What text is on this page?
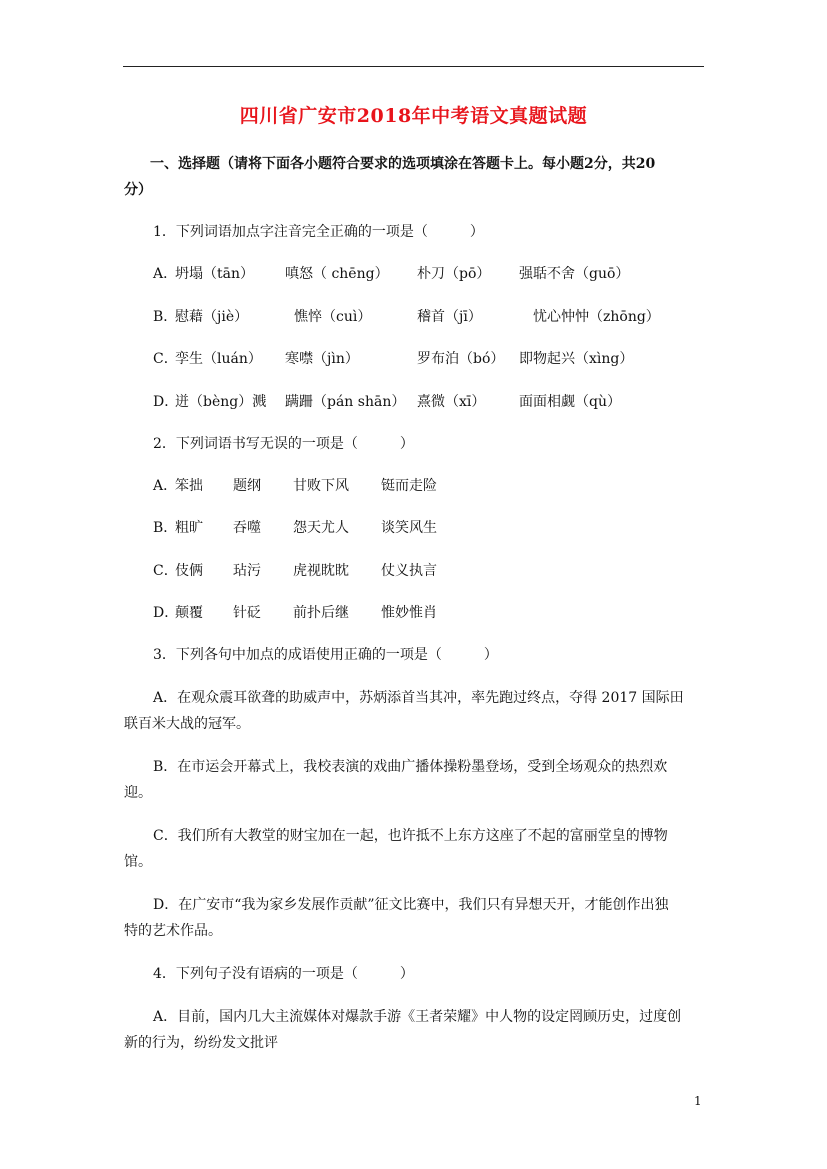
四川省广安市2018年中考语文真题试题
一、选择题（请将下面各小题符合要求的选项填涂在答题卡上。每小题2分，共20
分）
1．下列词语加点字注音完全正确的一项是（　　　）
A．
坍塌（tān） 嗔怒（ chēng） 朴刀（pō） 强聒不舍（guō）
B．
慰藉（jiè）	憔悴（cuì）	稽首（jī）	忧心忡忡（zhōng）
C．
孪生（luán） 寒噤（jìn）	罗布泊（bó） 即物起兴（xìng）
D．
迸（bèng）溅 蹒跚（pán shān） 熹微（xī） 面面相觑（qù）
2．下列词语书写无误的一项是（　　　）
A．
笨拙 题纲 甘败下风 铤而走险
B．
粗旷 吞噬 怨天尤人 谈笑风生
C．
伎俩 玷污 虎视眈眈 仗义执言
D．
颠覆 针砭 前扑后继 惟妙惟肖
3．下列各句中加点的成语使用正确的一项是（　　　）
A．在观众震耳欲聋的助威声中，苏炳添首当其冲，率先跑过终点，夺得 2017 国际田
联百米大战的冠军。
B．在市运会开幕式上，我校表演的戏曲广播体操粉墨登场，受到全场观众的热烈欢
迎。
C．我们所有大教堂的财宝加在一起，也许抵不上东方这座了不起的富丽堂皇的博物
馆。
D．在广安市“我为家乡发展作贡献”征文比赛中，我们只有异想天开，才能创作出独
特的艺术作品。
4．下列句子没有语病的一项是（　　　）
A．目前，国内几大主流媒体对爆款手游《王者荣耀》中人物的设定罔顾历史，过度创
新的行为，纷纷发文批评
1
